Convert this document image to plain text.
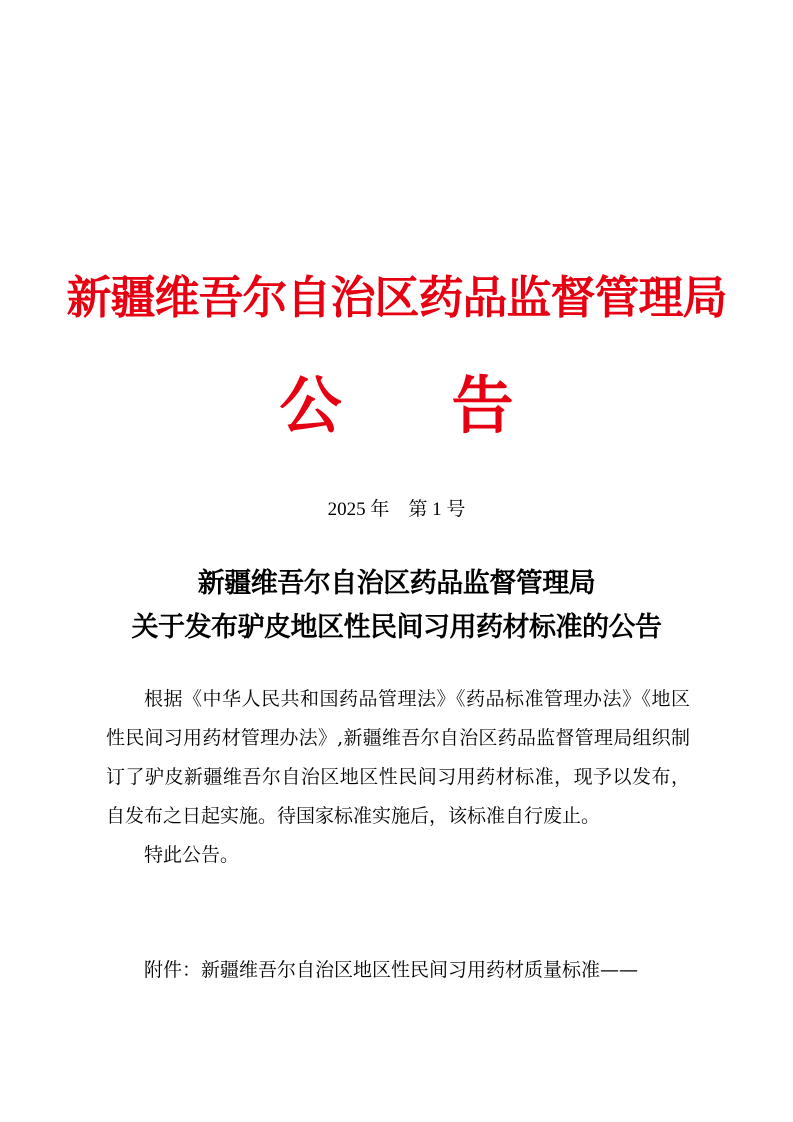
新疆维吾尔自治区药品监督管理局
公告
2025 年　第 1 号
新疆维吾尔自治区药品监督管理局
关于发布驴皮地区性民间习用药材标准的公告

根据《中华人民共和国药品管理法》《药品标准管理办法》《地区性民间习用药材管理办法》,新疆维吾尔自治区药品监督管理局组织制订了驴皮新疆维吾尔自治区地区性民间习用药材标准，现予以发布，自发布之日起实施。待国家标准实施后，该标准自行废止。

特此公告。

附件：新疆维吾尔自治区地区性民间习用药材质量标准——
